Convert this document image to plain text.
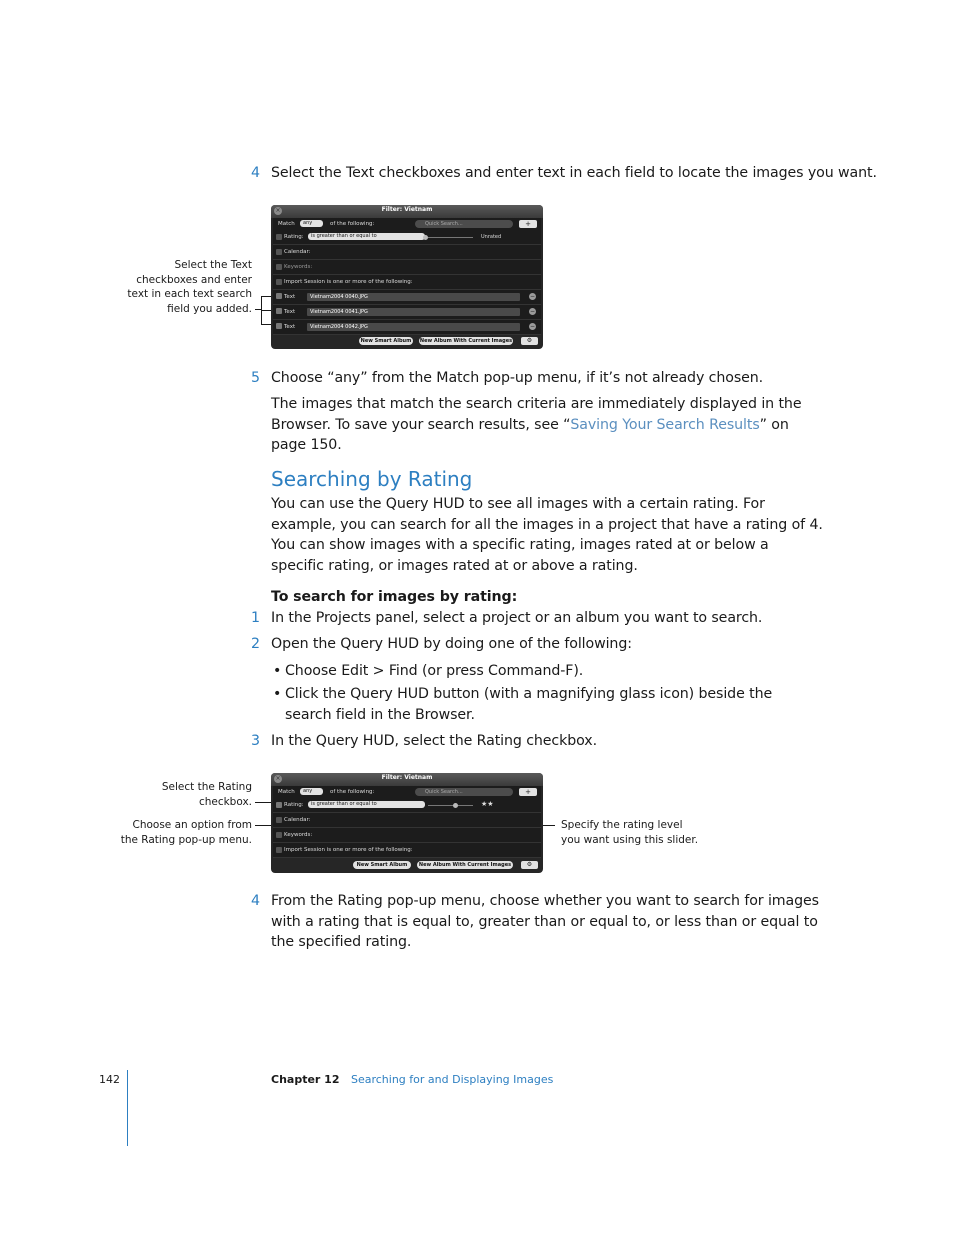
4 Select the Text checkboxes and enter text in each field to locate the images you want.
Select the Text
checkboxes and enter
text in each text search
field you added.
×	Filter: Vietnam
Match	any	of the following:	Quick Search...	+
Rating:	is greater than or equal to	Unrated
Calendar:
Keywords:
Import Session is one or more of the following:
Text	Vietnam2004 0040.JPG	−
Text	Vietnam2004 0041.JPG	−
Text	Vietnam2004 0042.JPG	−
New Smart Album	New Album With Current Images	⚙
5 Choose “any” from the Match pop-up menu, if it’s not already chosen.
The images that match the search criteria are immediately displayed in the Browser. To save your search results, see “Saving Your Search Results” on page 150.
Searching by Rating
You can use the Query HUD to see all images with a certain rating. For example, you can search for all the images in a project that have a rating of 4. You can show images with a specific rating, images rated at or below a specific rating, or images rated at or above a rating.
To search for images by rating:
1 In the Projects panel, select a project or an album you want to search.
2 Open the Query HUD by doing one of the following:
• Choose Edit > Find (or press Command-F).
• Click the Query HUD button (with a magnifying glass icon) beside the search field in the Browser.
3 In the Query HUD, select the Rating checkbox.
Select the Rating
checkbox.
Choose an option from
the Rating pop-up menu.
Specify the rating level
you want using this slider.
×	Filter: Vietnam
Match	any	of the following:	Quick Search...	+
Rating:	is greater than or equal to	★★
Calendar:
Keywords:
Import Session is one or more of the following:
New Smart Album	New Album With Current Images	⚙
4 From the Rating pop-up menu, choose whether you want to search for images with a rating that is equal to, greater than or equal to, or less than or equal to the specified rating.
142	Chapter 12 Searching for and Displaying Images
